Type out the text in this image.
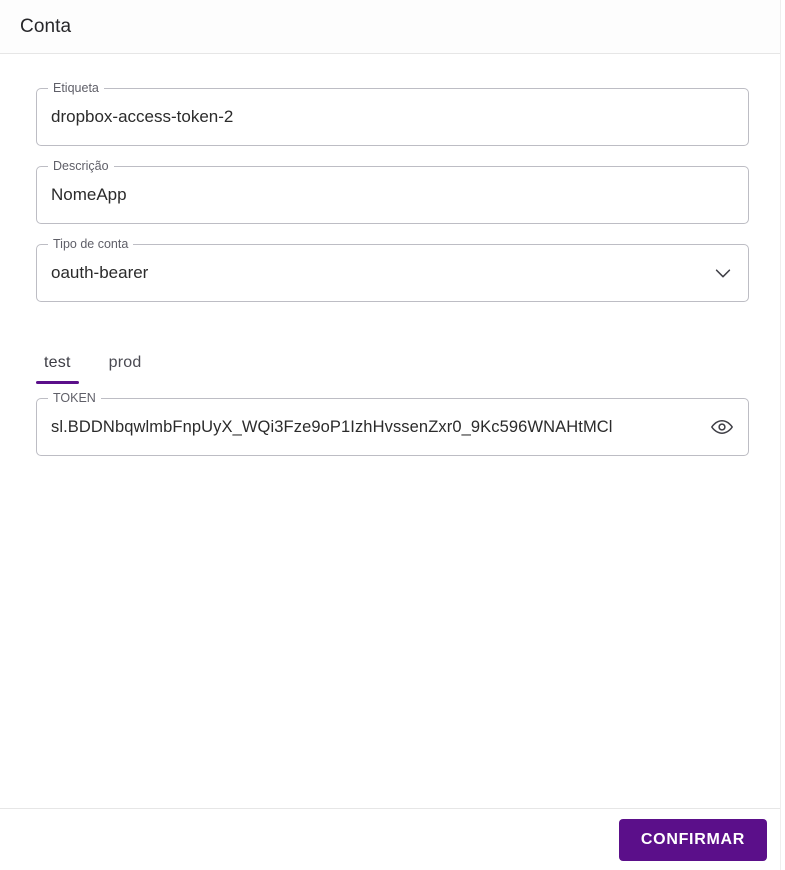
Conta
Etiqueta
dropbox-access-token-2
Descrição
NomeApp
Tipo de conta
oauth-bearer
test	prod
TOKEN
sl.BDDNbqwlmbFnpUyX_WQi3Fze9oP1IzhHvssenZxr0_9Kc596WNAHtMCl
CONFIRMAR
